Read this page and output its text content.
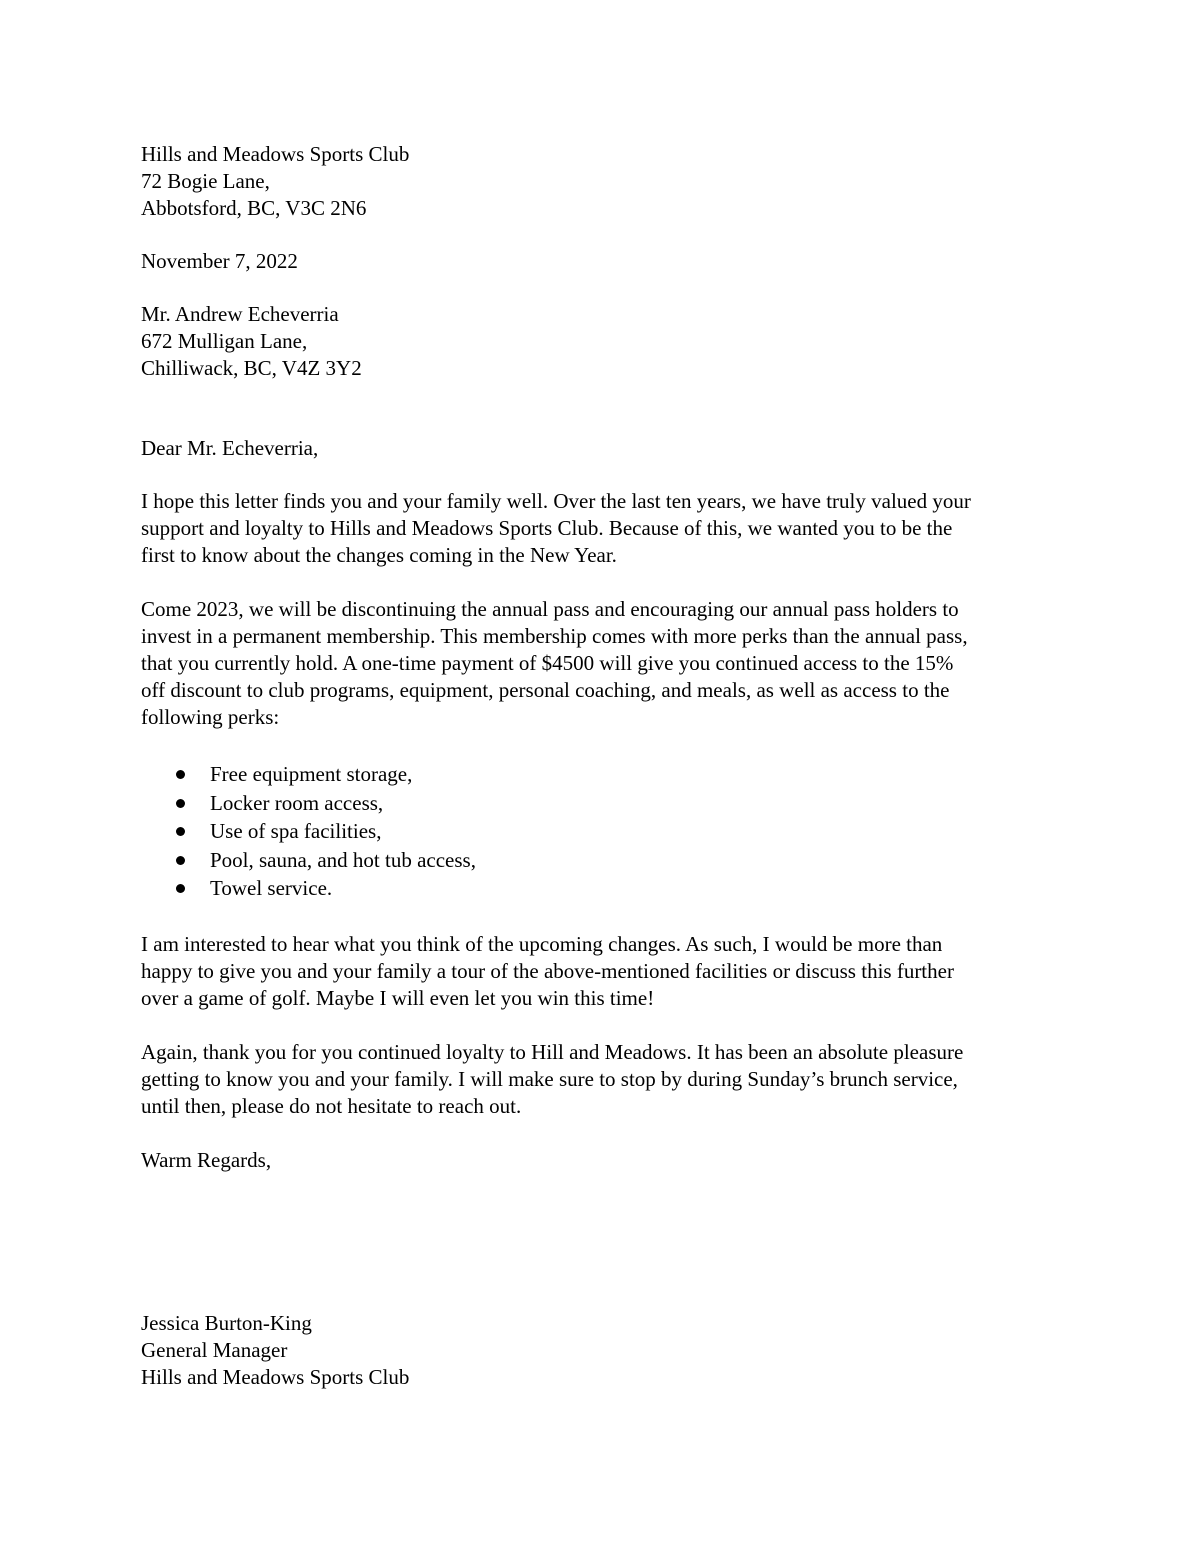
Hills and Meadows Sports Club
72 Bogie Lane,
Abbotsford, BC, V3C 2N6
November 7, 2022
Mr. Andrew Echeverria
672 Mulligan Lane,
Chilliwack, BC, V4Z 3Y2
Dear Mr. Echeverria,
I hope this letter finds you and your family well. Over the last ten years, we have truly valued your
support and loyalty to Hills and Meadows Sports Club. Because of this, we wanted you to be the
first to know about the changes coming in the New Year.
Come 2023, we will be discontinuing the annual pass and encouraging our annual pass holders to
invest in a permanent membership. This membership comes with more perks than the annual pass,
that you currently hold. A one-time payment of $4500 will give you continued access to the 15%
off discount to club programs, equipment, personal coaching, and meals, as well as access to the
following perks:
Free equipment storage,
Locker room access,
Use of spa facilities,
Pool, sauna, and hot tub access,
Towel service.
I am interested to hear what you think of the upcoming changes. As such, I would be more than
happy to give you and your family a tour of the above-mentioned facilities or discuss this further
over a game of golf. Maybe I will even let you win this time!
Again, thank you for you continued loyalty to Hill and Meadows. It has been an absolute pleasure
getting to know you and your family. I will make sure to stop by during Sunday’s brunch service,
until then, please do not hesitate to reach out.
Warm Regards,
Jessica Burton-King
General Manager
Hills and Meadows Sports Club
